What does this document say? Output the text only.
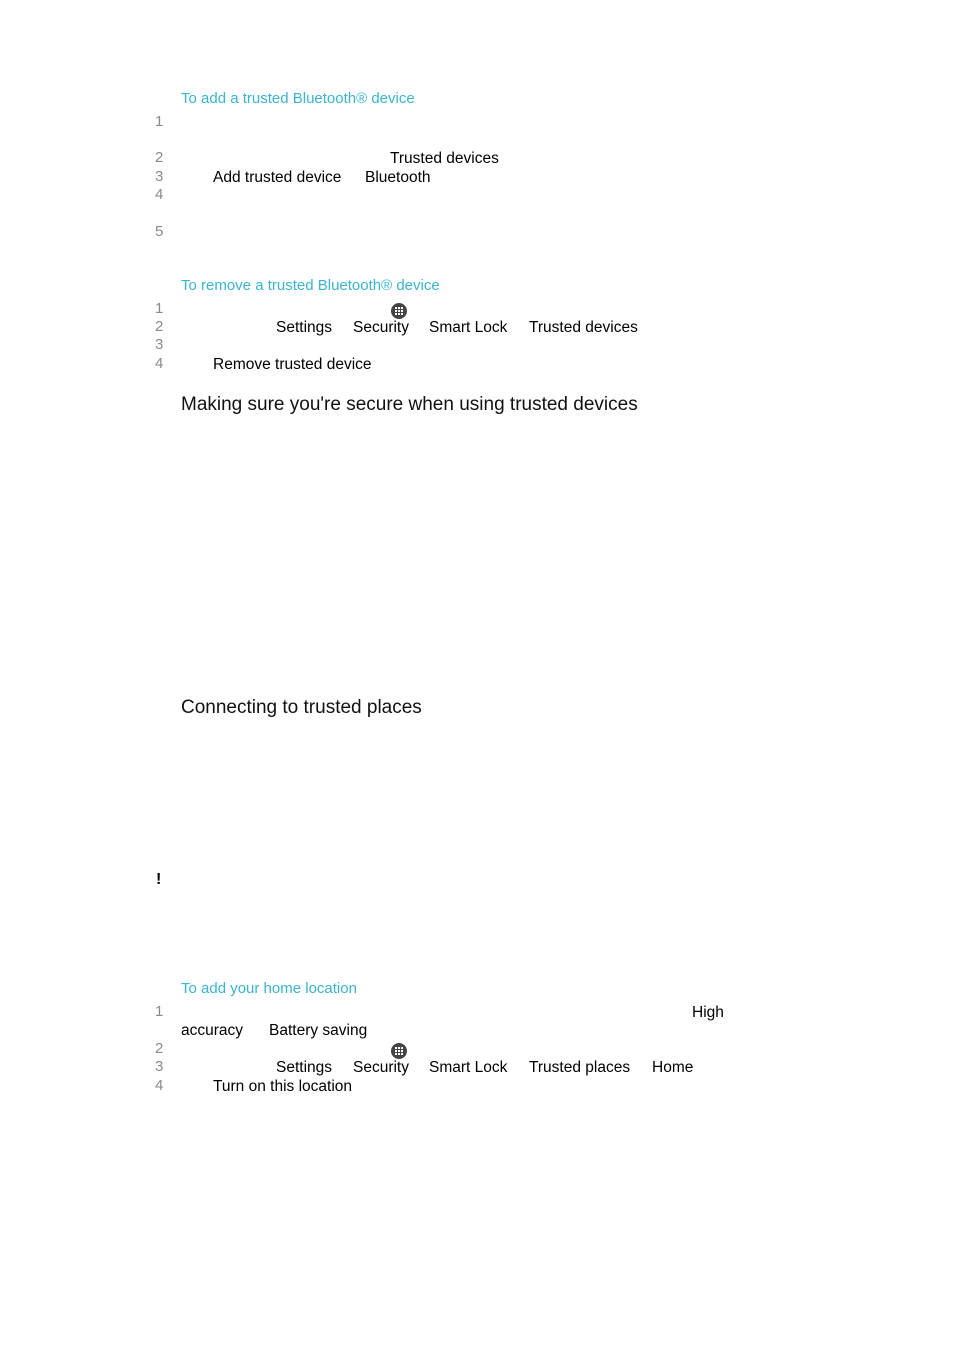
To add a trusted Bluetooth® device
1
2	Trusted devices
3	Add trusted device Bluetooth
4
5
To remove a trusted Bluetooth® device
1
2	Settings Security Smart Lock Trusted devices
3
4	Remove trusted device
Making sure you're secure when using trusted devices
Connecting to trusted places
!
To add your home location
1	High
accuracy Battery saving
2
3	Settings Security Smart Lock Trusted places Home
4	Turn on this location
